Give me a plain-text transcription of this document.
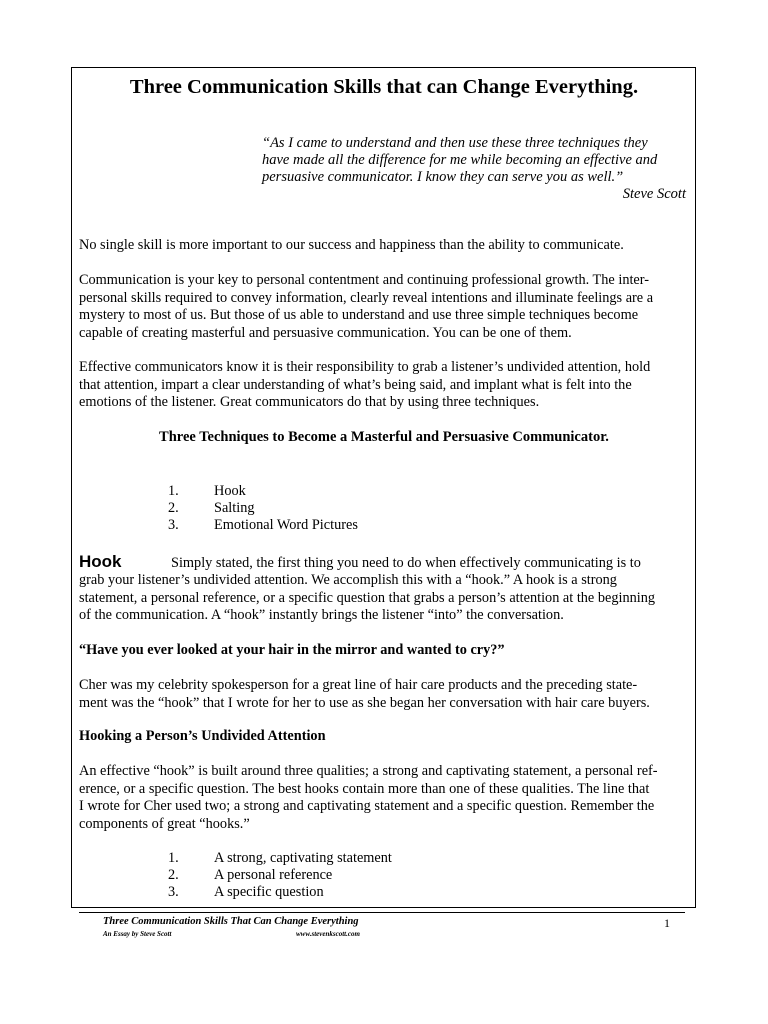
Three Communication Skills that can Change Everything.
“As I came to understand and then use these three techniques they
have made all the difference for me while becoming an effective and
persuasive communicator. I know they can serve you as well.”
Steve Scott
No single skill is more important to our success and happiness than the ability to communicate.
Communication is your key to personal contentment and continuing professional growth. The inter-
personal skills required to convey information, clearly reveal intentions and illuminate feelings are a
mystery to most of us. But those of us able to understand and use three simple techniques become
capable of creating masterful and persuasive communication. You can be one of them.
Effective communicators know it is their responsibility to grab a listener’s undivided attention, hold
that attention, impart a clear understanding of what’s being said, and implant what is felt into the
emotions of the listener. Great communicators do that by using three techniques.
Three Techniques to Become a Masterful and Persuasive Communicator.
1. Hook
2. Salting
3. Emotional Word Pictures
Hook	Simply stated, the first thing you need to do when effectively communicating is to
grab your listener’s undivided attention. We accomplish this with a “hook.” A hook is a strong
statement, a personal reference, or a specific question that grabs a person’s attention at the beginning
of the communication. A “hook” instantly brings the listener “into” the conversation.
“Have you ever looked at your hair in the mirror and wanted to cry?”
Cher was my celebrity spokesperson for a great line of hair care products and the preceding state-
ment was the “hook” that I wrote for her to use as she began her conversation with hair care buyers.
Hooking a Person’s Undivided Attention
An effective “hook” is built around three qualities; a strong and captivating statement, a personal ref-
erence, or a specific question. The best hooks contain more than one of these qualities. The line that
I wrote for Cher used two; a strong and captivating statement and a specific question. Remember the
components of great “hooks.”
1. A strong, captivating statement
2. A personal reference
3. A specific question
Three Communication Skills That Can Change Everything
An Essay by Steve Scott	www.stevenkscott.com
1
